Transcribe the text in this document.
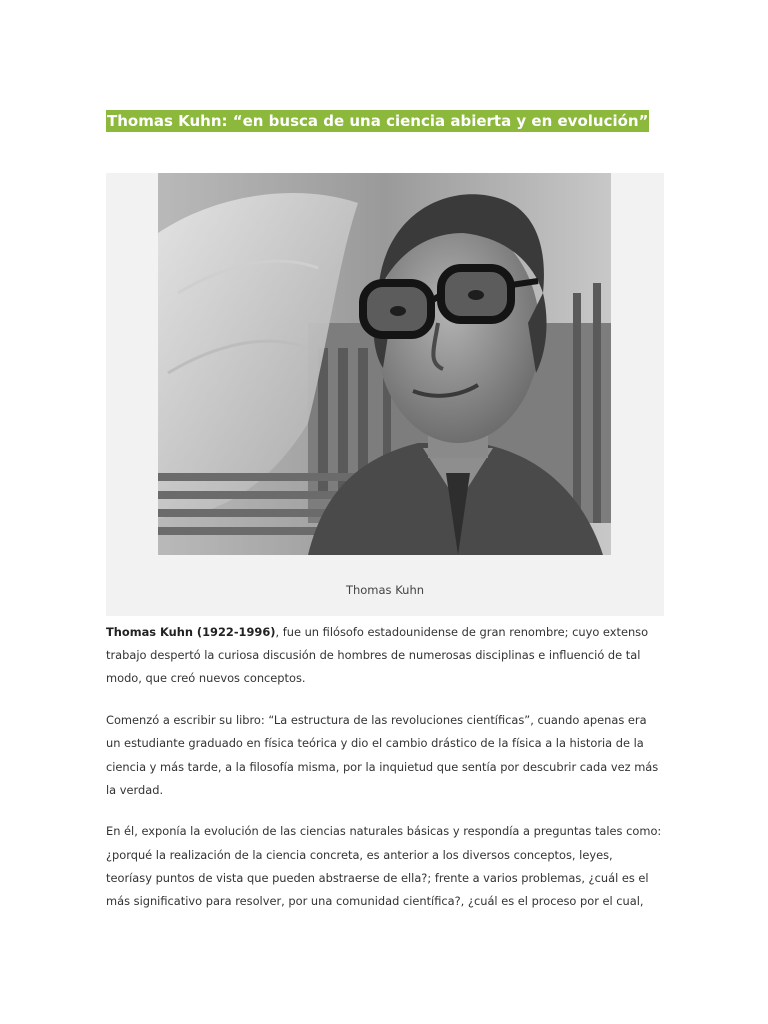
Thomas Kuhn: “en busca de una ciencia abierta y en evolución”
Thomas Kuhn

Thomas Kuhn (1922-1996), fue un filósofo estadounidense de gran renombre; cuyo extenso trabajo despertó la curiosa discusión de hombres de numerosas disciplinas e influenció de tal modo, que creó nuevos conceptos.

Comenzó a escribir su libro: “La estructura de las revoluciones científicas”, cuando apenas era un estudiante graduado en física teórica y dio el cambio drástico de la física a la historia de la ciencia y más tarde, a la filosofía misma, por la inquietud que sentía por descubrir cada vez más la verdad.

En él, exponía la evolución de las ciencias naturales básicas y respondía a preguntas tales como: ¿porqué la realización de la ciencia concreta, es anterior a los diversos conceptos, leyes, teoríasy puntos de vista que pueden abstraerse de ella?; frente a varios problemas, ¿cuál es el más significativo para resolver, por una comunidad científica?, ¿cuál es el proceso por el cual,
